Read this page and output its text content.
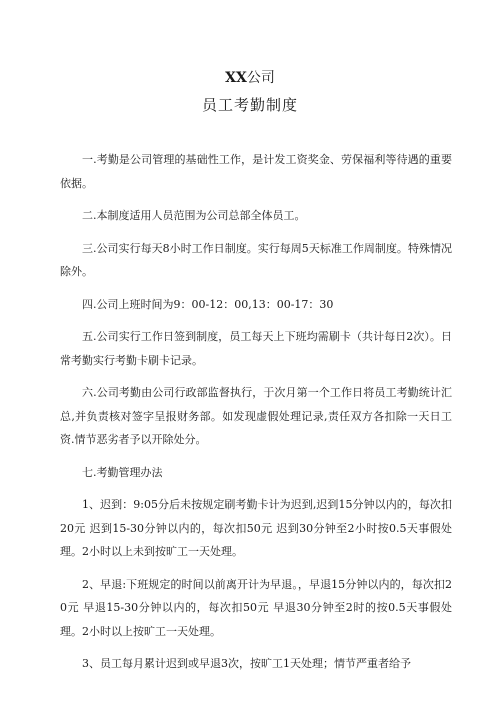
XX公司
员工考勤制度

一.考勤是公司管理的基础性工作，是计发工资奖金、劳保福利等待遇的重要依据。

二.本制度适用人员范围为公司总部全体员工。

三.公司实行每天8小时工作日制度。实行每周5天标准工作周制度。特殊情况除外。

四.公司上班时间为9：00-12：00,13：00-17：30

五.公司实行工作日签到制度，员工每天上下班均需刷卡（共计每日2次）。日常考勤实行考勤卡刷卡记录。

六.公司考勤由公司行政部监督执行，于次月第一个工作日将员工考勤统计汇总,并负责核对签字呈报财务部。如发现虚假处理记录,责任双方各扣除一天日工资.情节恶劣者予以开除处分。

七.考勤管理办法

1、迟到：9:05分后未按规定刷考勤卡计为迟到,迟到15分钟以内的，每次扣20元 迟到15-30分钟以内的，每次扣50元 迟到30分钟至2小时按0.5天事假处理。2小时以上未到按旷工一天处理。

2、早退:下班规定的时间以前离开计为早退。，早退15分钟以内的，每次扣20元 早退15-30分钟以内的，每次扣50元 早退30分钟至2时的按0.5天事假处理。2小时以上按旷工一天处理。

3、员工每月累计迟到或早退3次，按旷工1天处理；情节严重者给予
